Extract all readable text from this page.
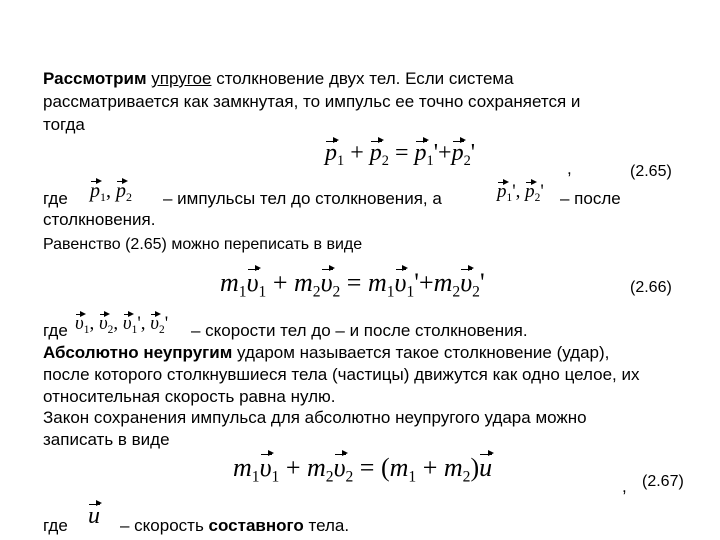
Рассмотрим упругое столкновение двух тел. Если система
рассматривается как замкнутая, то импульс ее точно сохраняется и
тогда
$p_1 + p_2 = p_1'+p_2'$
,	(2.65)
где $p_1$, $p_2$ – импульсы тел до столкновения, а	$p_1'$, $p_2'$ – после
столкновения.
Равенство (2.65) можно переписать в виде
$m_1\upsilon_1 + m_2\upsilon_2 = m_1\upsilon_1'+m_2\upsilon_2'$	(2.66)
где $\upsilon_1$, $\upsilon_2$, $\upsilon_1'$, $\upsilon_2'$ – скорости тел до – и после столкновения.
Абсолютно неупругим ударом называется такое столкновение (удар),
после которого столкнувшиеся тела (частицы) движутся как одно целое, их
относительная скорость равна нулю.
Закон сохранения импульса для абсолютно неупругого удара можно
записать в виде
$m_1\upsilon_1 + m_2\upsilon_2 = (m_1 + m_2)u$
, (2.67)
где u – скорость составного тела.
